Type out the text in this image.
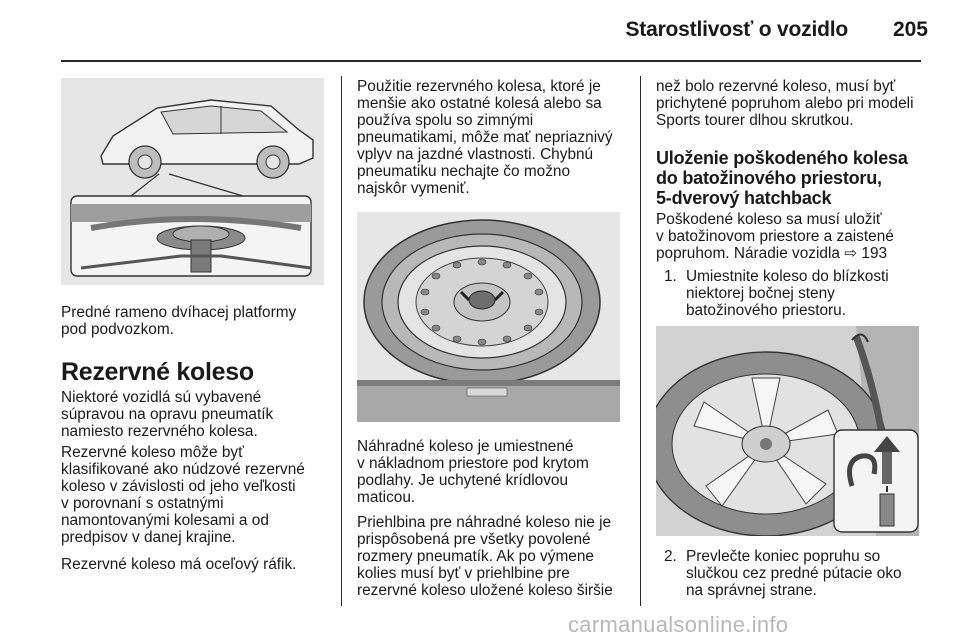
Starostlivosť o vozidlo	205

Predné rameno dvíhacej platformy

pod podvozkom.

Rezervné koleso

Niektoré vozidlá sú vybavené

súpravou na opravu pneumatík

namiesto rezervného kolesa.

Rezervné koleso môže byť

klasifikované ako núdzové rezervné

koleso v závislosti od jeho veľkosti

v porovnaní s ostatnými

namontovanými kolesami a od

predpisov v danej krajine.

Rezervné koleso má oceľový ráfik.

Použitie rezervného kolesa, ktoré je

menšie ako ostatné kolesá alebo sa

používa spolu so zimnými

pneumatikami, môže mať nepriaznivý

vplyv na jazdné vlastnosti. Chybnú

pneumatiku nechajte čo možno

najskôr vymeniť.

Náhradné koleso je umiestnené

v nákladnom priestore pod krytom

podlahy. Je uchytené krídlovou

maticou.

Priehlbina pre náhradné koleso nie je

prispôsobená pre všetky povolené

rozmery pneumatík. Ak po výmene

kolies musí byť v priehlbine pre

rezervné koleso uložené koleso širšie

než bolo rezervné koleso, musí byť

prichytené popruhom alebo pri modeli

Sports tourer dlhou skrutkou.

Uloženie poškodeného kolesa
do batožinového priestoru,
5-dverový hatchback

Poškodené koleso sa musí uložiť

v batožinovom priestore a zaistené

popruhom. Náradie vozidla ⇨ 193

1. Umiestnite koleso do blízkosti
niektorej bočnej steny
batožinového priestoru.
2. Prevlečte koniec popruhu so
slučkou cez predné pútacie oko
na správnej strane.
carmanualsonline.info
